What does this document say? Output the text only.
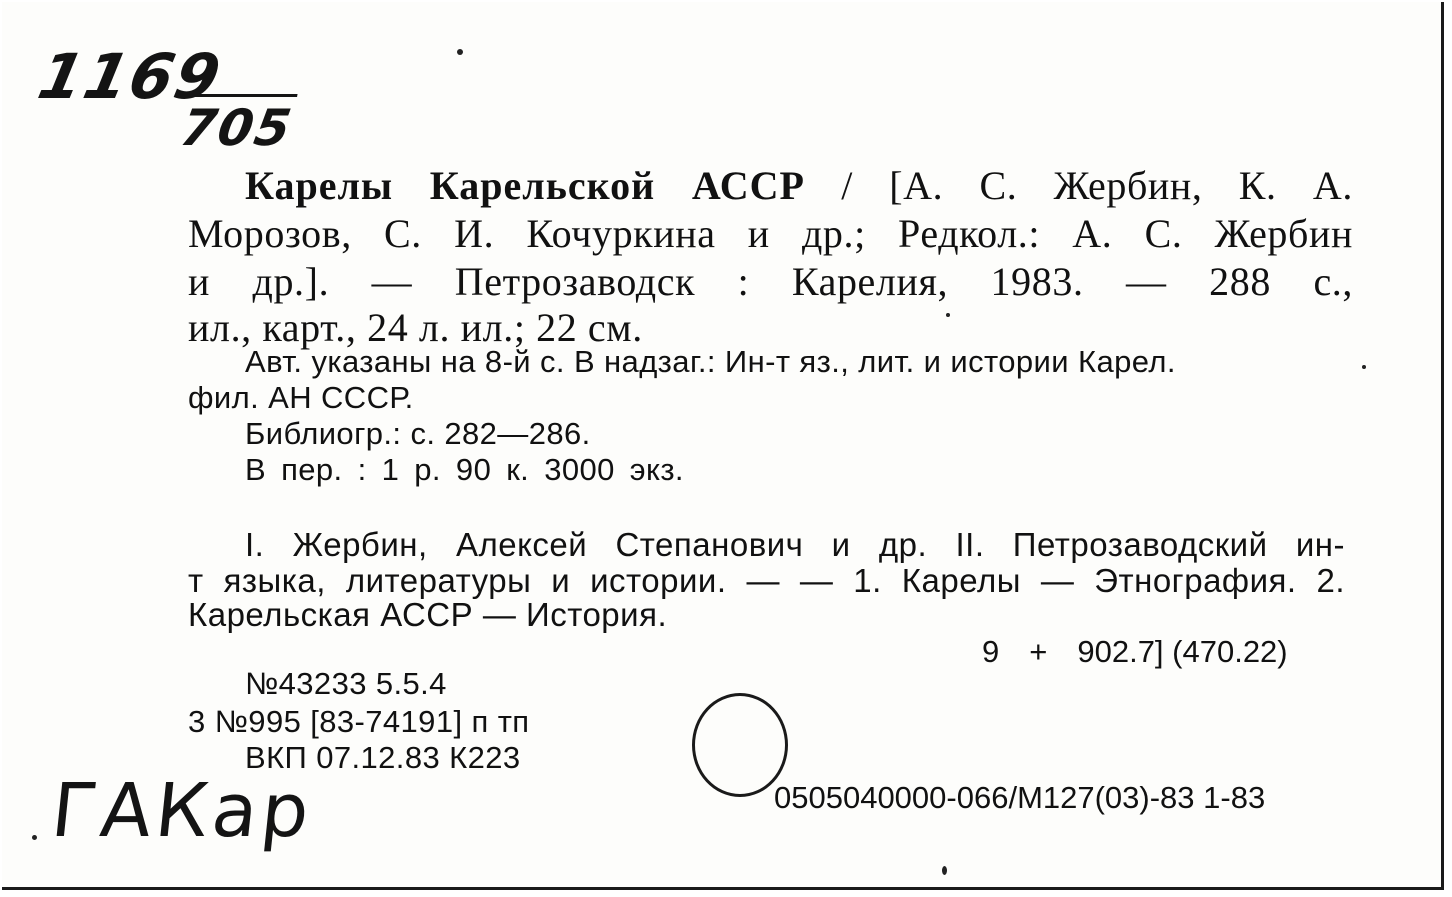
1169
705
Карелы Карельской АССР / [А. С. Жербин, К. А.
Морозов, С. И. Кочуркина и др.; Редкол.: А. С. Жербин
и др.]. — Петрозаводск : Карелия, 1983. — 288 с.,
ил., карт., 24 л. ил.; 22 см.
Авт. указаны на 8-й с. В надзаг.: Ин-т яз., лит. и истории Карел.
фил. АН СССР.
Библиогр.: с. 282—286.
В пер. : 1 р. 90 к. 3000 экз.
I. Жербин, Алексей Степанович и др. II. Петрозаводский ин-
т языка, литературы и истории. — — 1. Карелы — Этнография. 2.
Карельская АССР — История.
9 + 902.7] (470.22)
№43233 5.5.4
3 №995 [83-74191] п тп
ВКП 07.12.83 К223
0505040000-066/М127(03)-83 1-83
ГАКар
